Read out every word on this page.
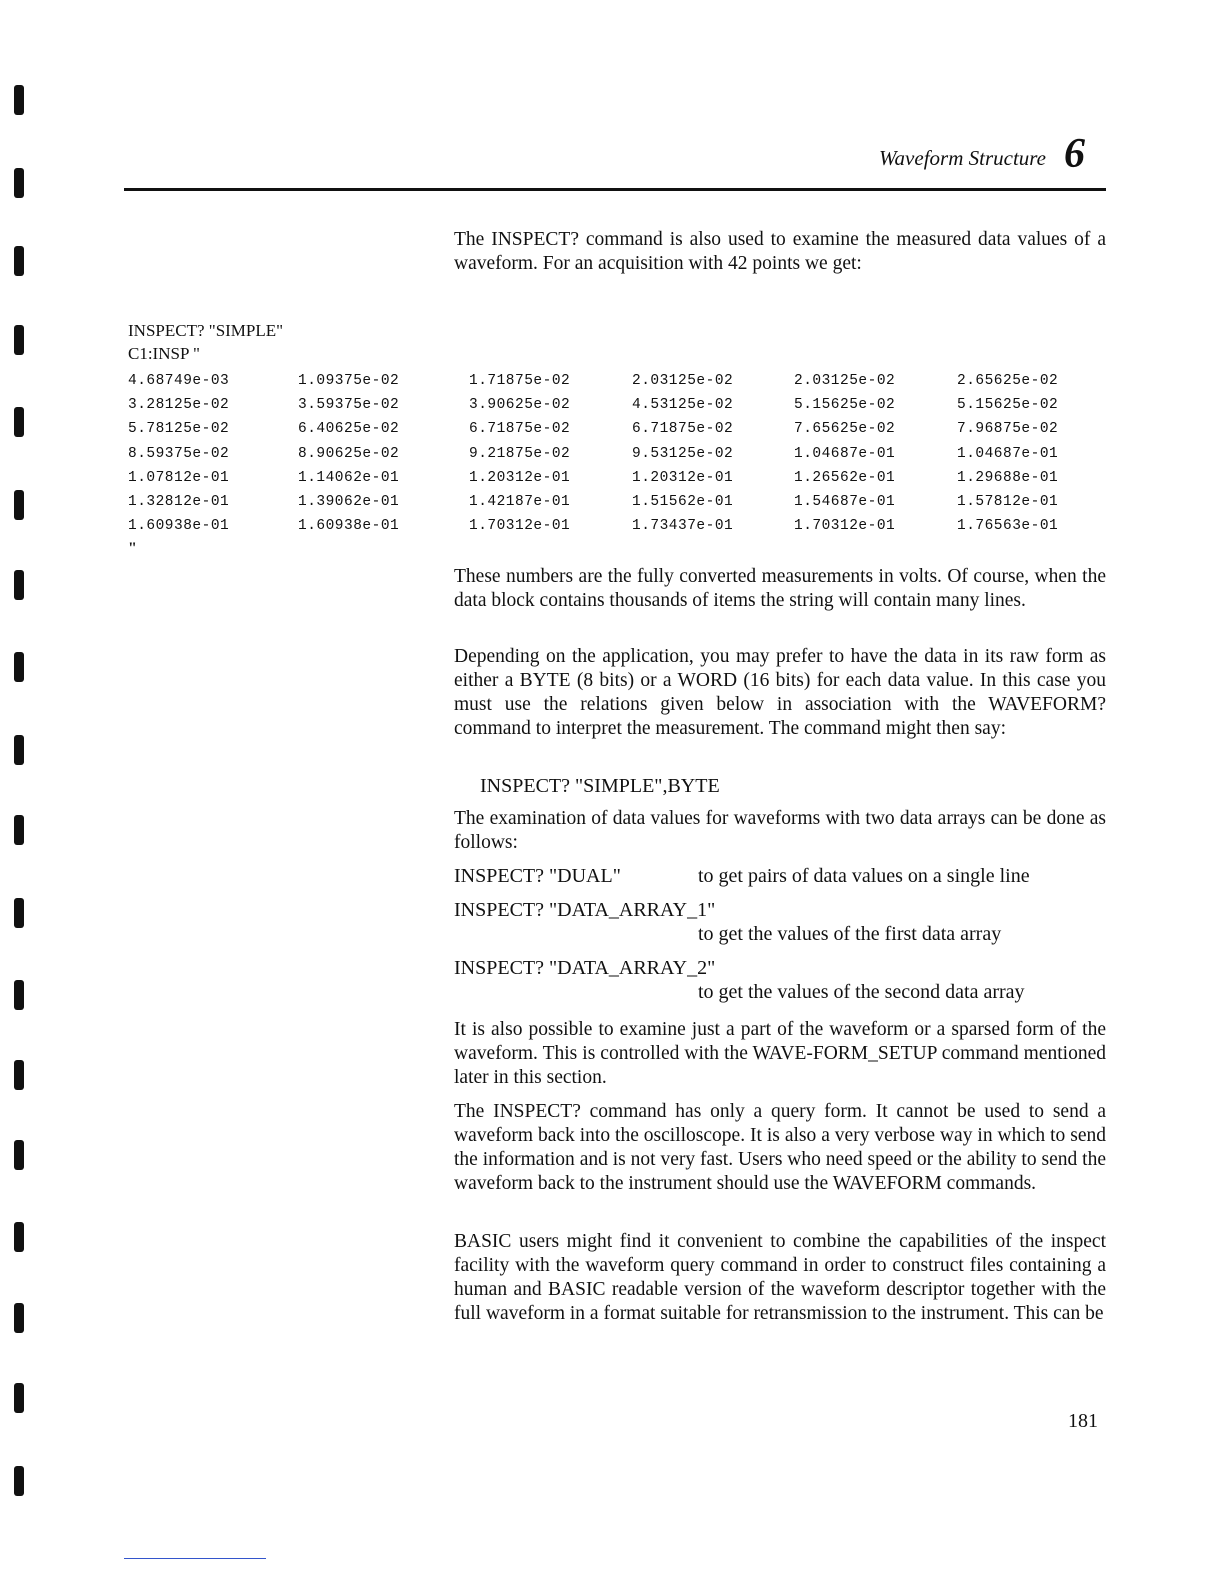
Waveform Structure 6

The INSPECT? command is also used to examine the measured data values of a waveform. For an acquisition with 42 points we get:

INSPECT? "SIMPLE"

C1:INSP "

4.68749e-03	1.09375e-02	1.71875e-02	2.03125e-02	2.03125e-02	2.65625e-02
3.28125e-02	3.59375e-02	3.90625e-02	4.53125e-02	5.15625e-02	5.15625e-02
5.78125e-02	6.40625e-02	6.71875e-02	6.71875e-02	7.65625e-02	7.96875e-02
8.59375e-02	8.90625e-02	9.21875e-02	9.53125e-02	1.04687e-01	1.04687e-01
1.07812e-01	1.14062e-01	1.20312e-01	1.20312e-01	1.26562e-01	1.29688e-01
1.32812e-01	1.39062e-01	1.42187e-01	1.51562e-01	1.54687e-01	1.57812e-01
1.60938e-01	1.60938e-01	1.70312e-01	1.73437e-01	1.70312e-01	1.76563e-01
"

These numbers are the fully converted measurements in volts. Of course, when the data block contains thousands of items the string will contain many lines.

Depending on the application, you may prefer to have the data in its raw form as either a BYTE (8 bits) or a WORD (16 bits) for each data value. In this case you must use the relations given below in association with the WAVEFORM? command to interpret the measurement. The command might then say:

INSPECT? "SIMPLE",BYTE

The examination of data values for waveforms with two data arrays can be done as follows:

INSPECT? "DUAL"	to get pairs of data values on a single line

INSPECT? "DATA_ARRAY_1"

to get the values of the first data array

INSPECT? "DATA_ARRAY_2"

to get the values of the second data array

It is also possible to examine just a part of the waveform or a sparsed form of the waveform. This is controlled with the WAVE-FORM_SETUP command mentioned later in this section.

The INSPECT? command has only a query form. It cannot be used to send a waveform back into the oscilloscope. It is also a very verbose way in which to send the information and is not very fast. Users who need speed or the ability to send the waveform back to the instrument should use the WAVEFORM commands.

BASIC users might find it convenient to combine the capabilities of the inspect facility with the waveform query command in order to construct files containing a human and BASIC readable version of the waveform descriptor together with the full waveform in a format suitable for retransmission to the instrument. This can be

181
